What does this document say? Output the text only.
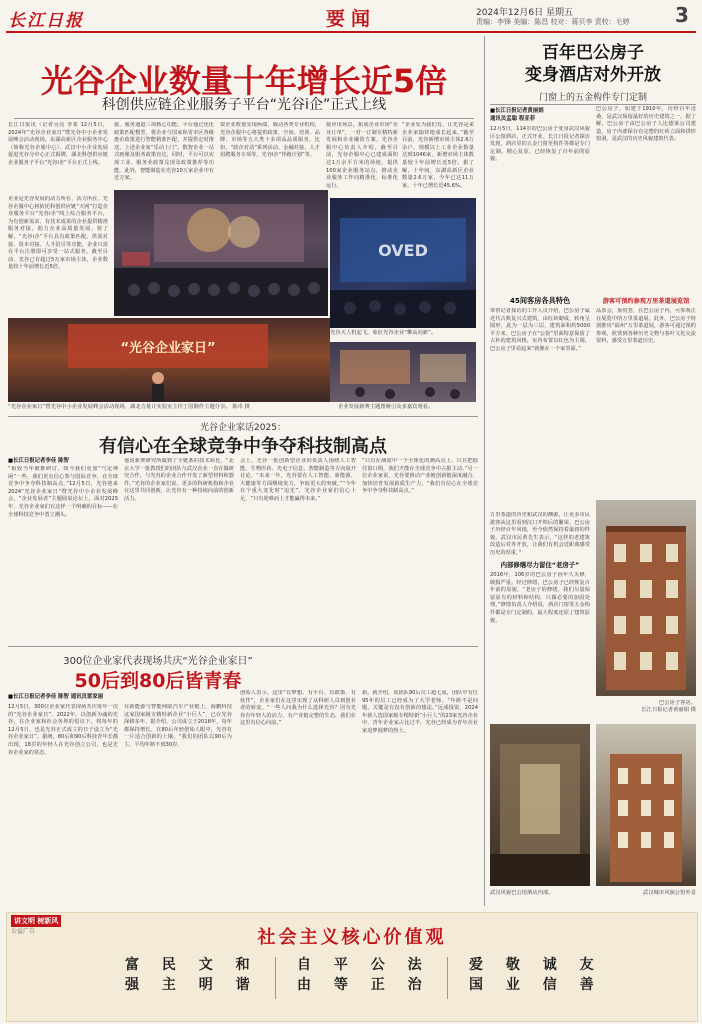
长江日报	要闻	2024年12月6日 星期五
责编：李锋 美编：陈昌 校对：蒋贝李 责校：毛婷 3
光谷企业数量十年增长近5倍
科创供应链企业服务子平台“光谷i企”正式上线
长江日报讯（记者吴亮 李希 12月5日，2024年“光谷企业家日”暨光谷中小企业发展峰会活动现场，东湖高新区企业服务中心（简称光谷企服中心）、武汉中小企业发展促进光谷分中心正式揭牌，湖北科创供应链企业服务子平台“光谷i企”平台正式上线。
企业是光谷发展的动力所在、活力所在。光谷企服中心将依托科创供应链“天网”打造企业服务平台“光谷i企”线上综合服务平台，为有创新需求、有技术成果的企业提供精准服务对接，助力企业高质量发展。射了解，“光谷i企”平台具有政策匹配、供需对接、资本对接、人才招引等功能，企业只需在平台注册即可享受一站式服务。截至目前，光谷已有超过5万家市场主体，企业数量较十年前增长近5倍。
接、服务通道三项核心功能。平台通过优化政策匹配模型，将企业与国家和省市区各级惠企政策进行智能精准匹配，并提供定时推送、上述企业家“乐动上门”。数智企业一站式画像及服务政策直达，同时，平台可以实现工业、服务业政策兑现及政策推荐等功能。此外，智能制造在光谷10万家企业中有近万家。
资企业数量实现两端，载动各类专业机构，光谷企服中心将提供政策、空间、培训、品牌、市场等五大类十多项高品质服务。比如，“政企对话”系列活动、金融对接、人才招聘服务专项等，光谷i企“伴跑计划”等。
接应用场景，拓展企业市场“企业订单”，一对一订制专精特新发展和企业融资方案。光谷企服中心负责人介绍，截至目前，光谷企服中心已建成面积达1万余平方米的场地，提供100家企业服务站点，推动企业服务工作向精准化、标准化运行。
“企业发为我们有，让光谷是来企业家愉快地成长起来。”截至目前，光谷新增市场主体2.6万余户，规模以上工业企业数量达到1046家，新增市场主体数量较十年前增长近5倍。据了解，十年间，东湖高新区企业数量2.6万家，今年已达11万家，十年已增长近45.6%。
OVED
光谷天人机起飞，象征光谷企业“攀高向新”。
“光谷企业家日”
“光谷企业家日”暨光谷中小企业发展峰会活动现场，湖北力量让实验室主任丁国顺作主题分享。 陈卓 摄	企业发展新赛主题图吸引众多嘉宾观看。
光谷企业家话2025：
有信心在全球竞争中争夺科技制高点
■长江日报记者李佳 陈智
“相较当年被推研讨，如今我们更加“气定神闲”一些，我们更有信心参与国际竞争，在全球竞争中争夺科技制高点。”12月5日，光谷迎来2024“光谷企业家日”暨光谷中小企业发展峰会，“企业发展者”主题圆桌论坛上，面对2025年，光谷企业家们有这样一个明确的目标——在全球科技竞争中勇立潮头。
他说新赛研究所做到了全链条的技术转化，“北京大学一批教授们的团队与武汉企业一直在做研究合作，与光谷的企业合作开发了新型材料和器件。”光谷的企业家们说，更多的科研机构和企业在这里共同创新，让光谷有一种持续向前的创新活力。
会上，光谷一批创新型企业的负责人围绕人工智能、生物医药、光电子信息、智能制造等方向展开讨论。“未来一年，光谷要在人工智能、新能源、大健康等方面继续发力，争取更大的突破。”“今年在个重大变化时“追光”，光谷企业家们信心十足，“只有迎难而上才能赢得未来。”
“只有在测度中一个全球化的测高点上，只有把握住窗口期，我们才能在全球竞争中占据主动。”另一位企业家说，光谷要推动产业链创新链深度融合，加快培育发展新质生产力，“我们有信心在全球竞争中争夺科技制高点。”
300位企业家代表现场共庆“光谷企业家日”
50后到80后皆青春
■长江日报记者李佳 陈智 通讯员雷家丽
12月5日，300位企业家代表现场共庆每年一次的“光谷企业家日”。2022年，以创新为魂的光谷，在企业家和社会各界的倡议下，将每年的12月5日，也是光谷正式成立的日子设立为“光谷企业家日”。据统，80后和90后科技青年长都出现，18岁的年轻人在光谷创立公司，也是光谷企业家的常态。
在新能源与智能网联汽车产业链上，海鹏科技这家国家级专精特新企业“小巨人”，已在光谷深耕多年。据介绍，公司成立于2018年，每年都保持增长。在80后年轻创始人眼中，光谷有一片适合创新的土壤，“我们的团队以90后为主，平均年龄不到30岁。
创始人表示，这里“有梦想、有平台、有政策、有伙伴”，企业家们在这里实现了从科研人员到创业者的转变。“一些人问我为什么选择光谷？因为光谷有年轻人的活力，有产业链完整的生态，我们在这里有信心向前。”
新。就介绍，该团队90后员工超七成，团队中有位95年的员工已经成为了大学老师。“年龄不是问题，关键是有没有创新的想法。”远成投资，2024年新人选国家级专精特新“小巨人”的23家光谷企业中，青年企业家占比过半，光谷已经成为青年企业家追梦圆梦的热土。
百年巴公房子
变身酒店对外开放
门窗上的五金构件专门定制
■长江日报记者黄丽娟
通讯员孟聪 程亚菲
12月5日，114岁的巴公房子变身武汉风貌区公馆酒店，正式开业。长江日报记者探访发现，酒店里的五金门窗更构件等都是专门定制、精心复原，已经恢复了百年前的原貌。
巴公房子，始建于1910年，历经百年沧桑，是武汉保留最好的历史建筑之一。据了解，巴公房子由巴公房子人比德莱公司建造，房子内部保存有完整的红砖立面和拱形窗洞，是武汉的历史风貌建筑代表。
45间客房各具特色
带着记者探访的工作人员介绍，巴公房子属近代古典复兴式建筑，由红砖砌成，转角呈圆形，此为一层为三层，建筑面积约5000平方米。巴公房子在“公馆”里面特意保留了古朴的建筑风格，室内布置以红色为主调，巴公房子里看起来“就像在一个家里面。”
游客可预约参观万里茶道展览馆
品茶会，鉴赏荟，在巴公房子内，可参观正在展览中的万里茶道展。此外，巴公房子特别推出“福州”万里茶道展，游客可通过预约参观，欣赏到各种历史文物与茶叶文化交流资料，感受万里茶道历史。
内部修缮尽力留住“老房子”
2016年，106岁的巴公房子因年久失修，破损严重。经过修缮，巴公房子已经恢复百年前的原貌。“老房子的修缮，我们尽量保留原有的材料和结构，只做必要的加固处理。”修缮负责人介绍说，酒店门窗等五金构件都是专门定制的，最大程度还原了建筑原貌。
万里茶道的历史和武汉的渊源，让更多市民游客从这里看到汉口开埠后的繁荣。巴公房子历经百年风雨，至今依然保持着最初的样貌。武汉市民黄先生表示，“这样的老建筑改造后对外开放，让我们有机会近距离感受历史的厚重。”
巴公房子客房。
长江日报记者黄丽娟 摄
武汉风貌巴公馆酒店内部。	武汉城市风貌公馆外景
讲文明 树新风
公益广告	社会主义核心价值观
富 民 文 和
强 主 明 谐
自 平 公 法
由 等 正 治
爱 敬 诚 友
国 业 信 善
